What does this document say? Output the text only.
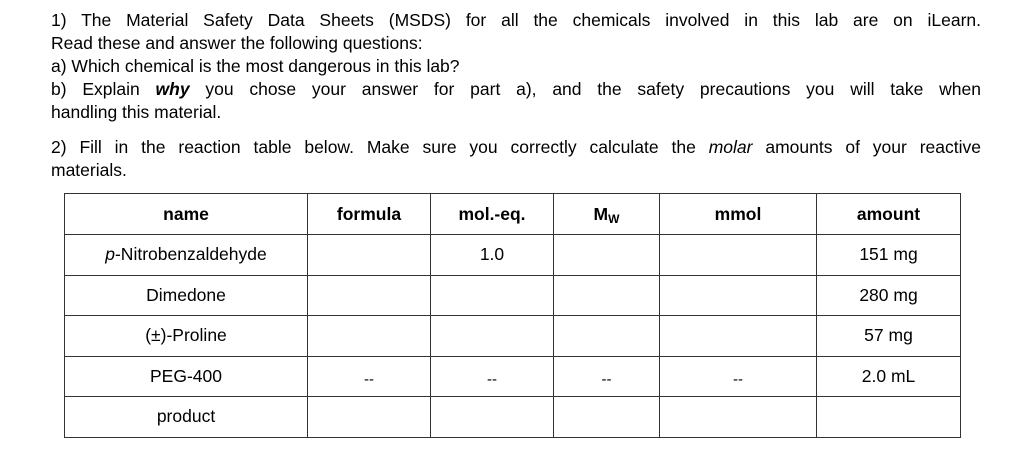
1) The Material Safety Data Sheets (MSDS) for all the chemicals involved in this lab are on iLearn.
Read these and answer the following questions:
a) Which chemical is the most dangerous in this lab?
b) Explain why you chose your answer for part a), and the safety precautions you will take when
handling this material.
2) Fill in the reaction table below. Make sure you correctly calculate the molar amounts of your reactive
materials.
name	formula	mol.-eq.	MW	mmol	amount
p-Nitrobenzaldehyde		1.0			151 mg
Dimedone					280 mg
(±)-Proline					57 mg
PEG-400	--	--	--	--	2.0 mL
product					
